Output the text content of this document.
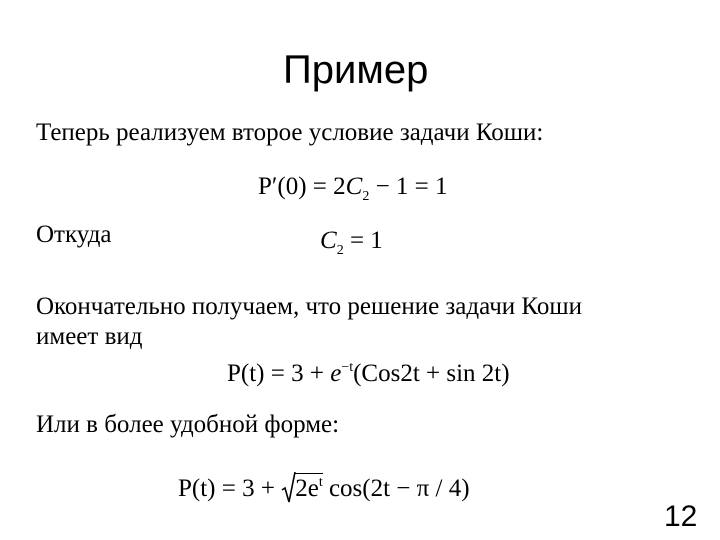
Пример
Теперь реализуем второе условие задачи Коши:
$P'(0) = 2C_2 - 1 = 1$
Откуда	$C_2 = 1$
Окончательно получаем, что решение задачи Коши
имеет вид
$P(t) = 3 + e^{-t}(Cos2t + \sin 2t)$
Или в более удобной форме:
P(t) = 3 +
$2e^t$ cos(2t − π / 4)
12
